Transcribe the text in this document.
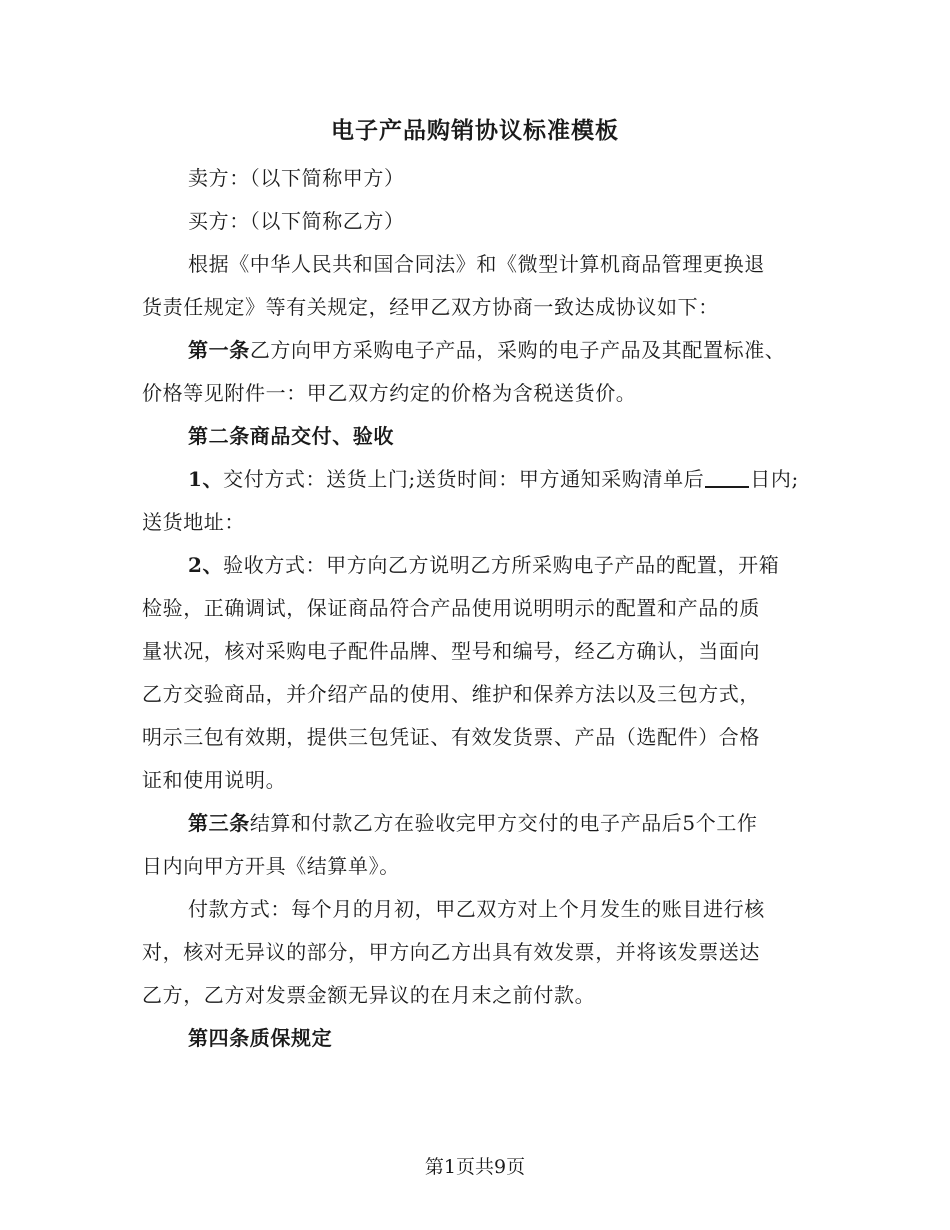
电子产品购销协议标准模板
卖方：（以下简称甲方）
买方：（以下简称乙方）
根据《中华人民共和国合同法》和《微型计算机商品管理更换退
货责任规定》等有关规定，经甲乙双方协商一致达成协议如下：
第一条乙方向甲方采购电子产品，采购的电子产品及其配置标准、
价格等见附件一：甲乙双方约定的价格为含税送货价。
第二条商品交付、验收
1、交付方式：送货上门;送货时间：甲方通知采购清单后 日内;
送货地址：
2、验收方式：甲方向乙方说明乙方所采购电子产品的配置，开箱
检验，正确调试，保证商品符合产品使用说明明示的配置和产品的质
量状况，核对采购电子配件品牌、型号和编号，经乙方确认，当面向
乙方交验商品，并介绍产品的使用、维护和保养方法以及三包方式，
明示三包有效期，提供三包凭证、有效发货票、产品（选配件）合格
证和使用说明。
第三条结算和付款乙方在验收完甲方交付的电子产品后5个工作
日内向甲方开具《结算单》。
付款方式：每个月的月初，甲乙双方对上个月发生的账目进行核
对，核对无异议的部分，甲方向乙方出具有效发票，并将该发票送达
乙方，乙方对发票金额无异议的在月末之前付款。
第四条质保规定
第1页共9页
